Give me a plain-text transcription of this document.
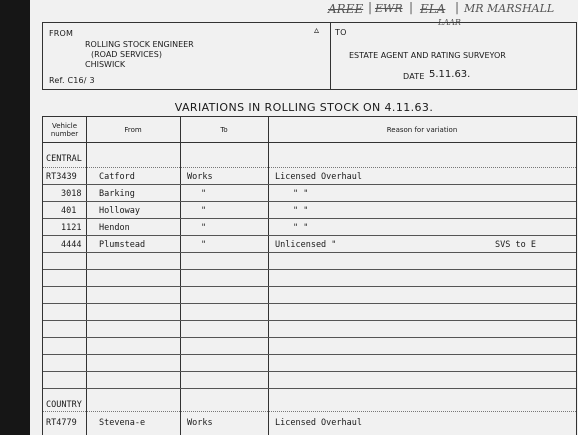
AREE | EWR | ELA | MR MARSHALL
LAAR
FROM
ROLLING STOCK ENGINEER
(ROAD SERVICES)
CHISWICK
Ref. C16/ 3
▵ TO
ESTATE AGENT AND RATING SURVEYOR
DATE 5.11.63.
VARIATIONS IN ROLLING STOCK ON 4.11.63.
Vehicle number	From	To	Reason for variation
CENTRAL
RT3439	Catford	Works	Licensed Overhaul
3018 Barking	"	" "
401	Holloway	"	" "
1121 Hendon	"	" "
4444 Plumstead	"	Unlicensed "	SVS to E
COUNTRY
RT4779	Stevena-e	Works	Licensed Overhaul
